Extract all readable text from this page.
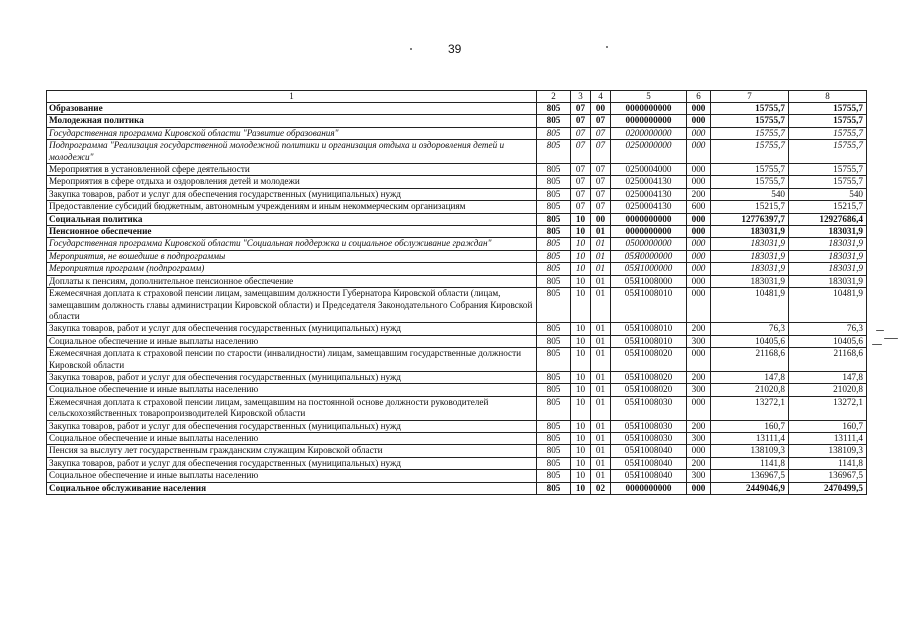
39
1	2	3	4	5	6	7	8
Образование	805	07	00	0000000000	000	15755,7	15755,7
Молодежная политика	805	07	07	0000000000	000	15755,7	15755,7
Государственная программа Кировской области "Развитие образования"	805	07	07	0200000000	000	15755,7	15755,7
Подпрограмма "Реализация государственной молодежной политики и организация отдыха и оздоровления детей и молодежи"	805	07	07	0250000000	000	15755,7	15755,7
Мероприятия в установленной сфере деятельности	805	07	07	0250004000	000	15755,7	15755,7
Мероприятия в сфере отдыха и оздоровления детей и молодежи	805	07	07	0250004130	000	15755,7	15755,7
Закупка товаров, работ и услуг для обеспечения государственных (муниципальных) нужд	805	07	07	0250004130	200	540	540
Предоставление субсидий бюджетным, автономным учреждениям и иным некоммерческим организациям	805	07	07	0250004130	600	15215,7	15215,7
Социальная политика	805	10	00	0000000000	000	12776397,7	12927686,4
Пенсионное обеспечение	805	10	01	0000000000	000	183031,9	183031,9
Государственная программа Кировской области "Социальная поддержка и социальное обслуживание граждан"	805	10	01	0500000000	000	183031,9	183031,9
Мероприятия, не вошедшие в подпрограммы	805	10	01	05Я0000000	000	183031,9	183031,9
Мероприятия программ (подпрограмм)	805	10	01	05Я1000000	000	183031,9	183031,9
Доплаты к пенсиям, дополнительное пенсионное обеспечение	805	10	01	05Я1008000	000	183031,9	183031,9
Ежемесячная доплата к страховой пенсии лицам, замещавшим должности Губернатора Кировской области (лицам, замещавшим должность главы администрации Кировской области) и Председателя Законодательного Собрания Кировской области	805	10	01	05Я1008010	000	10481,9	10481,9
Закупка товаров, работ и услуг для обеспечения государственных (муниципальных) нужд	805	10	01	05Я1008010	200	76,3	76,3
Социальное обеспечение и иные выплаты населению	805	10	01	05Я1008010	300	10405,6	10405,6
Ежемесячная доплата к страховой пенсии по старости (инвалидности) лицам, замещавшим государственные должности Кировской области	805	10	01	05Я1008020	000	21168,6	21168,6
Закупка товаров, работ и услуг для обеспечения государственных (муниципальных) нужд	805	10	01	05Я1008020	200	147,8	147,8
Социальное обеспечение и иные выплаты населению	805	10	01	05Я1008020	300	21020,8	21020,8
Ежемесячная доплата к страховой пенсии лицам, замещавшим на постоянной основе должности руководителей сельскохозяйственных товаропроизводителей Кировской области	805	10	01	05Я1008030	000	13272,1	13272,1
Закупка товаров, работ и услуг для обеспечения государственных (муниципальных) нужд	805	10	01	05Я1008030	200	160,7	160,7
Социальное обеспечение и иные выплаты населению	805	10	01	05Я1008030	300	13111,4	13111,4
Пенсия за выслугу лет государственным гражданским служащим Кировской области	805	10	01	05Я1008040	000	138109,3	138109,3
Закупка товаров, работ и услуг для обеспечения государственных (муниципальных) нужд	805	10	01	05Я1008040	200	1141,8	1141,8
Социальное обеспечение и иные выплаты населению	805	10	01	05Я1008040	300	136967,5	136967,5
Социальное обслуживание населения	805	10	02	0000000000	000	2449046,9	2470499,5
